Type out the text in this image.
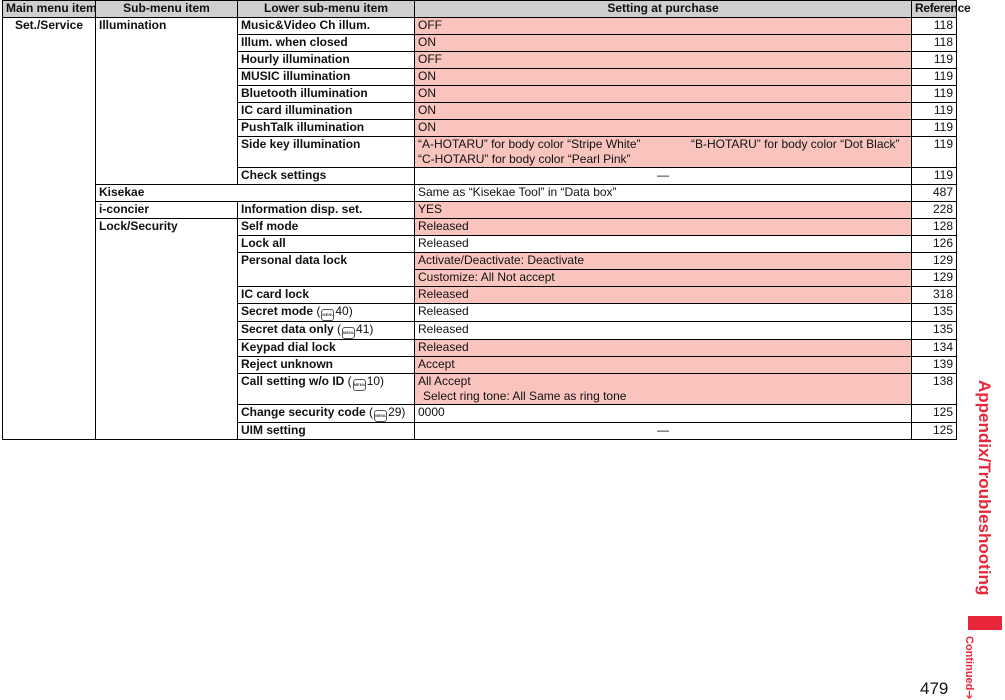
Main menu item	Sub-menu item	Lower sub-menu item	Setting at purchase	Reference
Set./Service	Illumination	Music&Video Ch illum.	OFF	118
		Illum. when closed	ON	118
		Hourly illumination	OFF	119
		MUSIC illumination	ON	119
		Bluetooth illumination	ON	119
		IC card illumination	ON	119
		PushTalk illumination	ON	119
		Side key illumination	“A-HOTARU” for body color “Stripe White” “B-HOTARU” for body color “Dot Black”
“C-HOTARU” for body color “Pearl Pink”	119
		Check settings	—	119
	Kisekae		Same as “Kisekae Tool” in “Data box”	487
	i-concier	Information disp. set.	YES	228
	Lock/Security	Self mode	Released	128
		Lock all	Released	126
		Personal data lock	Activate/Deactivate: Deactivate	129
			Customize: All Not accept	129
		IC card lock	Released	318
		Secret mode ( MENU40)	Released	135
		Secret data only ( MENU41)	Released	135
		Keypad dial lock	Released	134
		Reject unknown	Accept	139
		Call setting w/o ID ( MENU10)	All Accept
Select ring tone: All Same as ring tone	138
		Change security code ( MENU29)	0000	125
		UIM setting	—	125	Appendix/Troubleshooting
Continued➔
479
